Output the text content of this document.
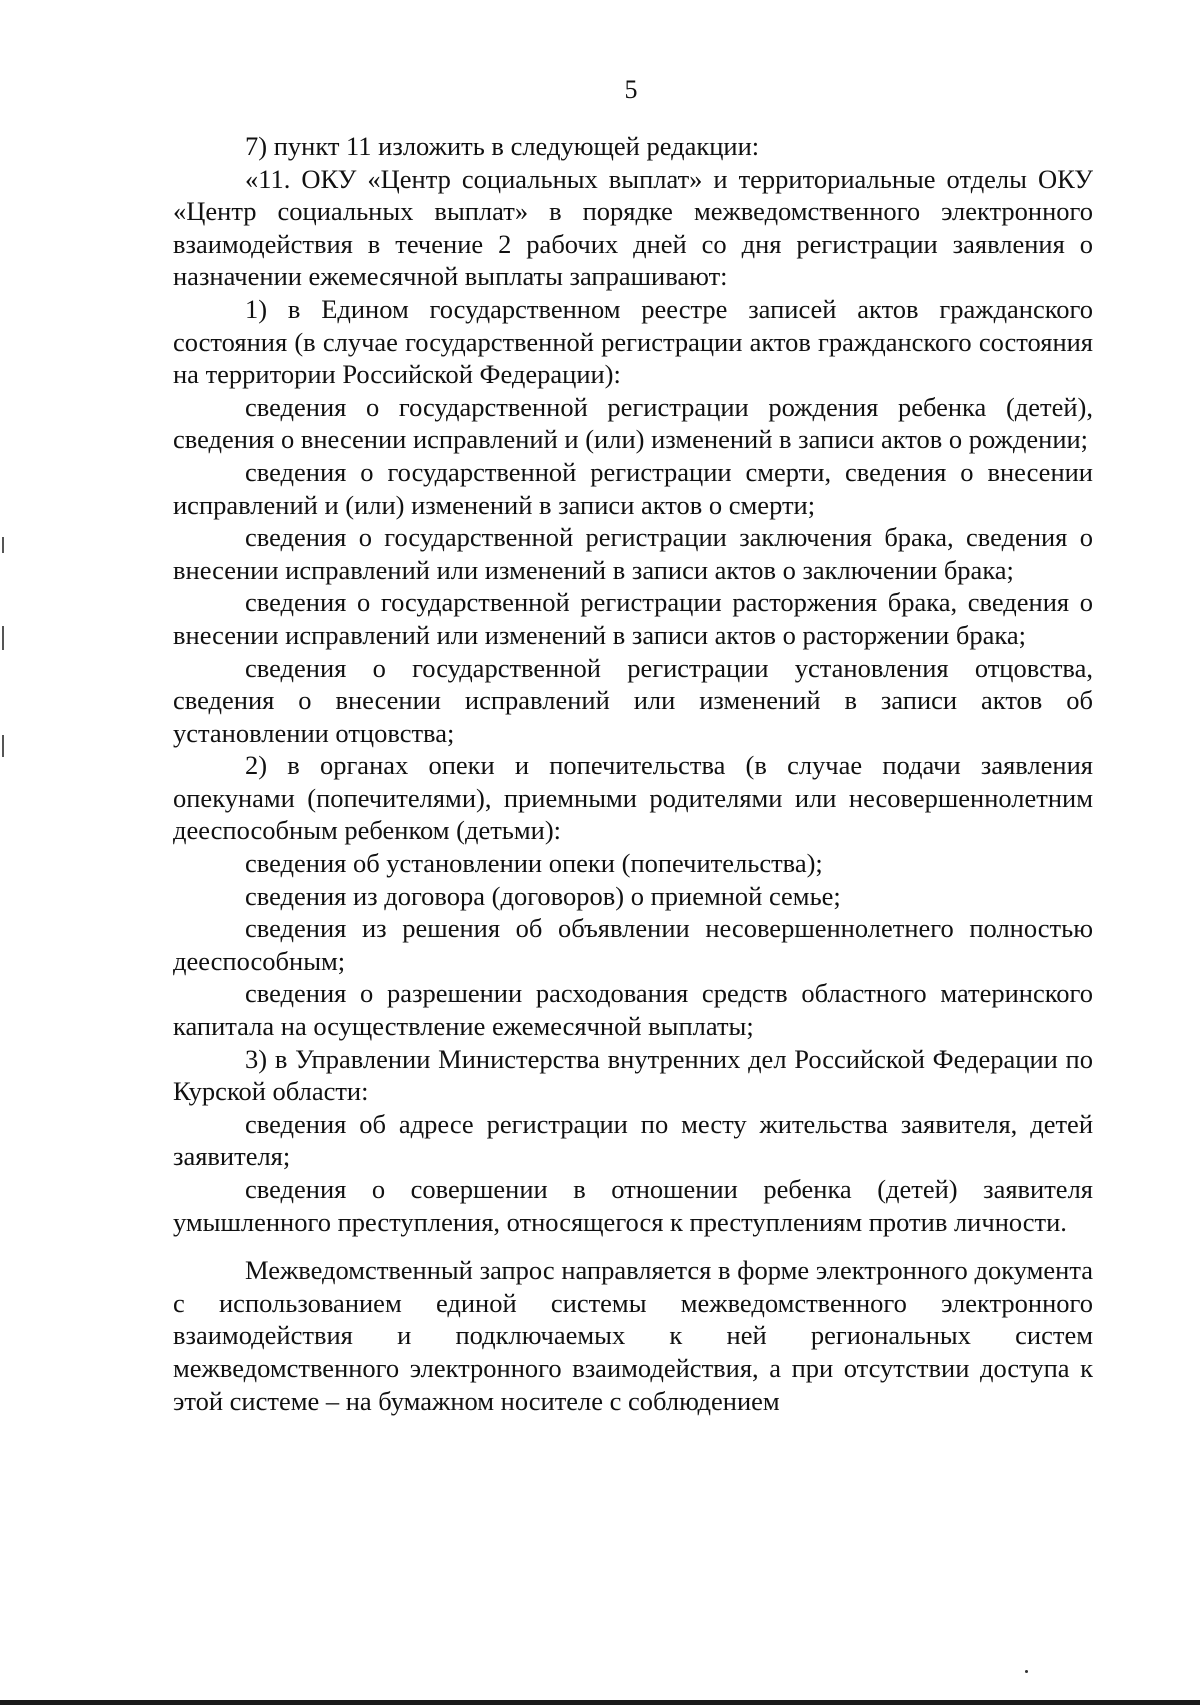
5

7) пункт 11 изложить в следующей редакции:

«11. ОКУ «Центр социальных выплат» и территориальные отделы ОКУ «Центр социальных выплат» в порядке межведомственного электронного взаимодействия в течение 2 рабочих дней со дня регистрации заявления о назначении ежемесячной выплаты запрашивают:

1) в Едином государственном реестре записей актов гражданского состояния (в случае государственной регистрации актов гражданского состояния на территории Российской Федерации):

сведения о государственной регистрации рождения ребенка (детей), сведения о внесении исправлений и (или) изменений в записи актов о рождении;

сведения о государственной регистрации смерти, сведения о внесении исправлений и (или) изменений в записи актов о смерти;

сведения о государственной регистрации заключения брака, сведения о внесении исправлений или изменений в записи актов о заключении брака;

сведения о государственной регистрации расторжения брака, сведения о внесении исправлений или изменений в записи актов о расторжении брака;

сведения о государственной регистрации установления отцовства, сведения о внесении исправлений или изменений в записи актов об установлении отцовства;

2) в органах опеки и попечительства (в случае подачи заявления опекунами (попечителями), приемными родителями или несовершеннолетним дееспособным ребенком (детьми):

сведения об установлении опеки (попечительства);

сведения из договора (договоров) о приемной семье;

сведения из решения об объявлении несовершеннолетнего полностью дееспособным;

сведения о разрешении расходования средств областного материнского капитала на осуществление ежемесячной выплаты;

3) в Управлении Министерства внутренних дел Российской Федерации по Курской области:

сведения об адресе регистрации по месту жительства заявителя, детей заявителя;

сведения о совершении в отношении ребенка (детей) заявителя умышленного преступления, относящегося к преступлениям против личности.

Межведомственный запрос направляется в форме электронного документа с использованием единой системы межведомственного электронного взаимодействия и подключаемых к ней региональных систем межведомственного электронного взаимодействия, а при отсутствии доступа к этой системе – на бумажном носителе с соблюдением
